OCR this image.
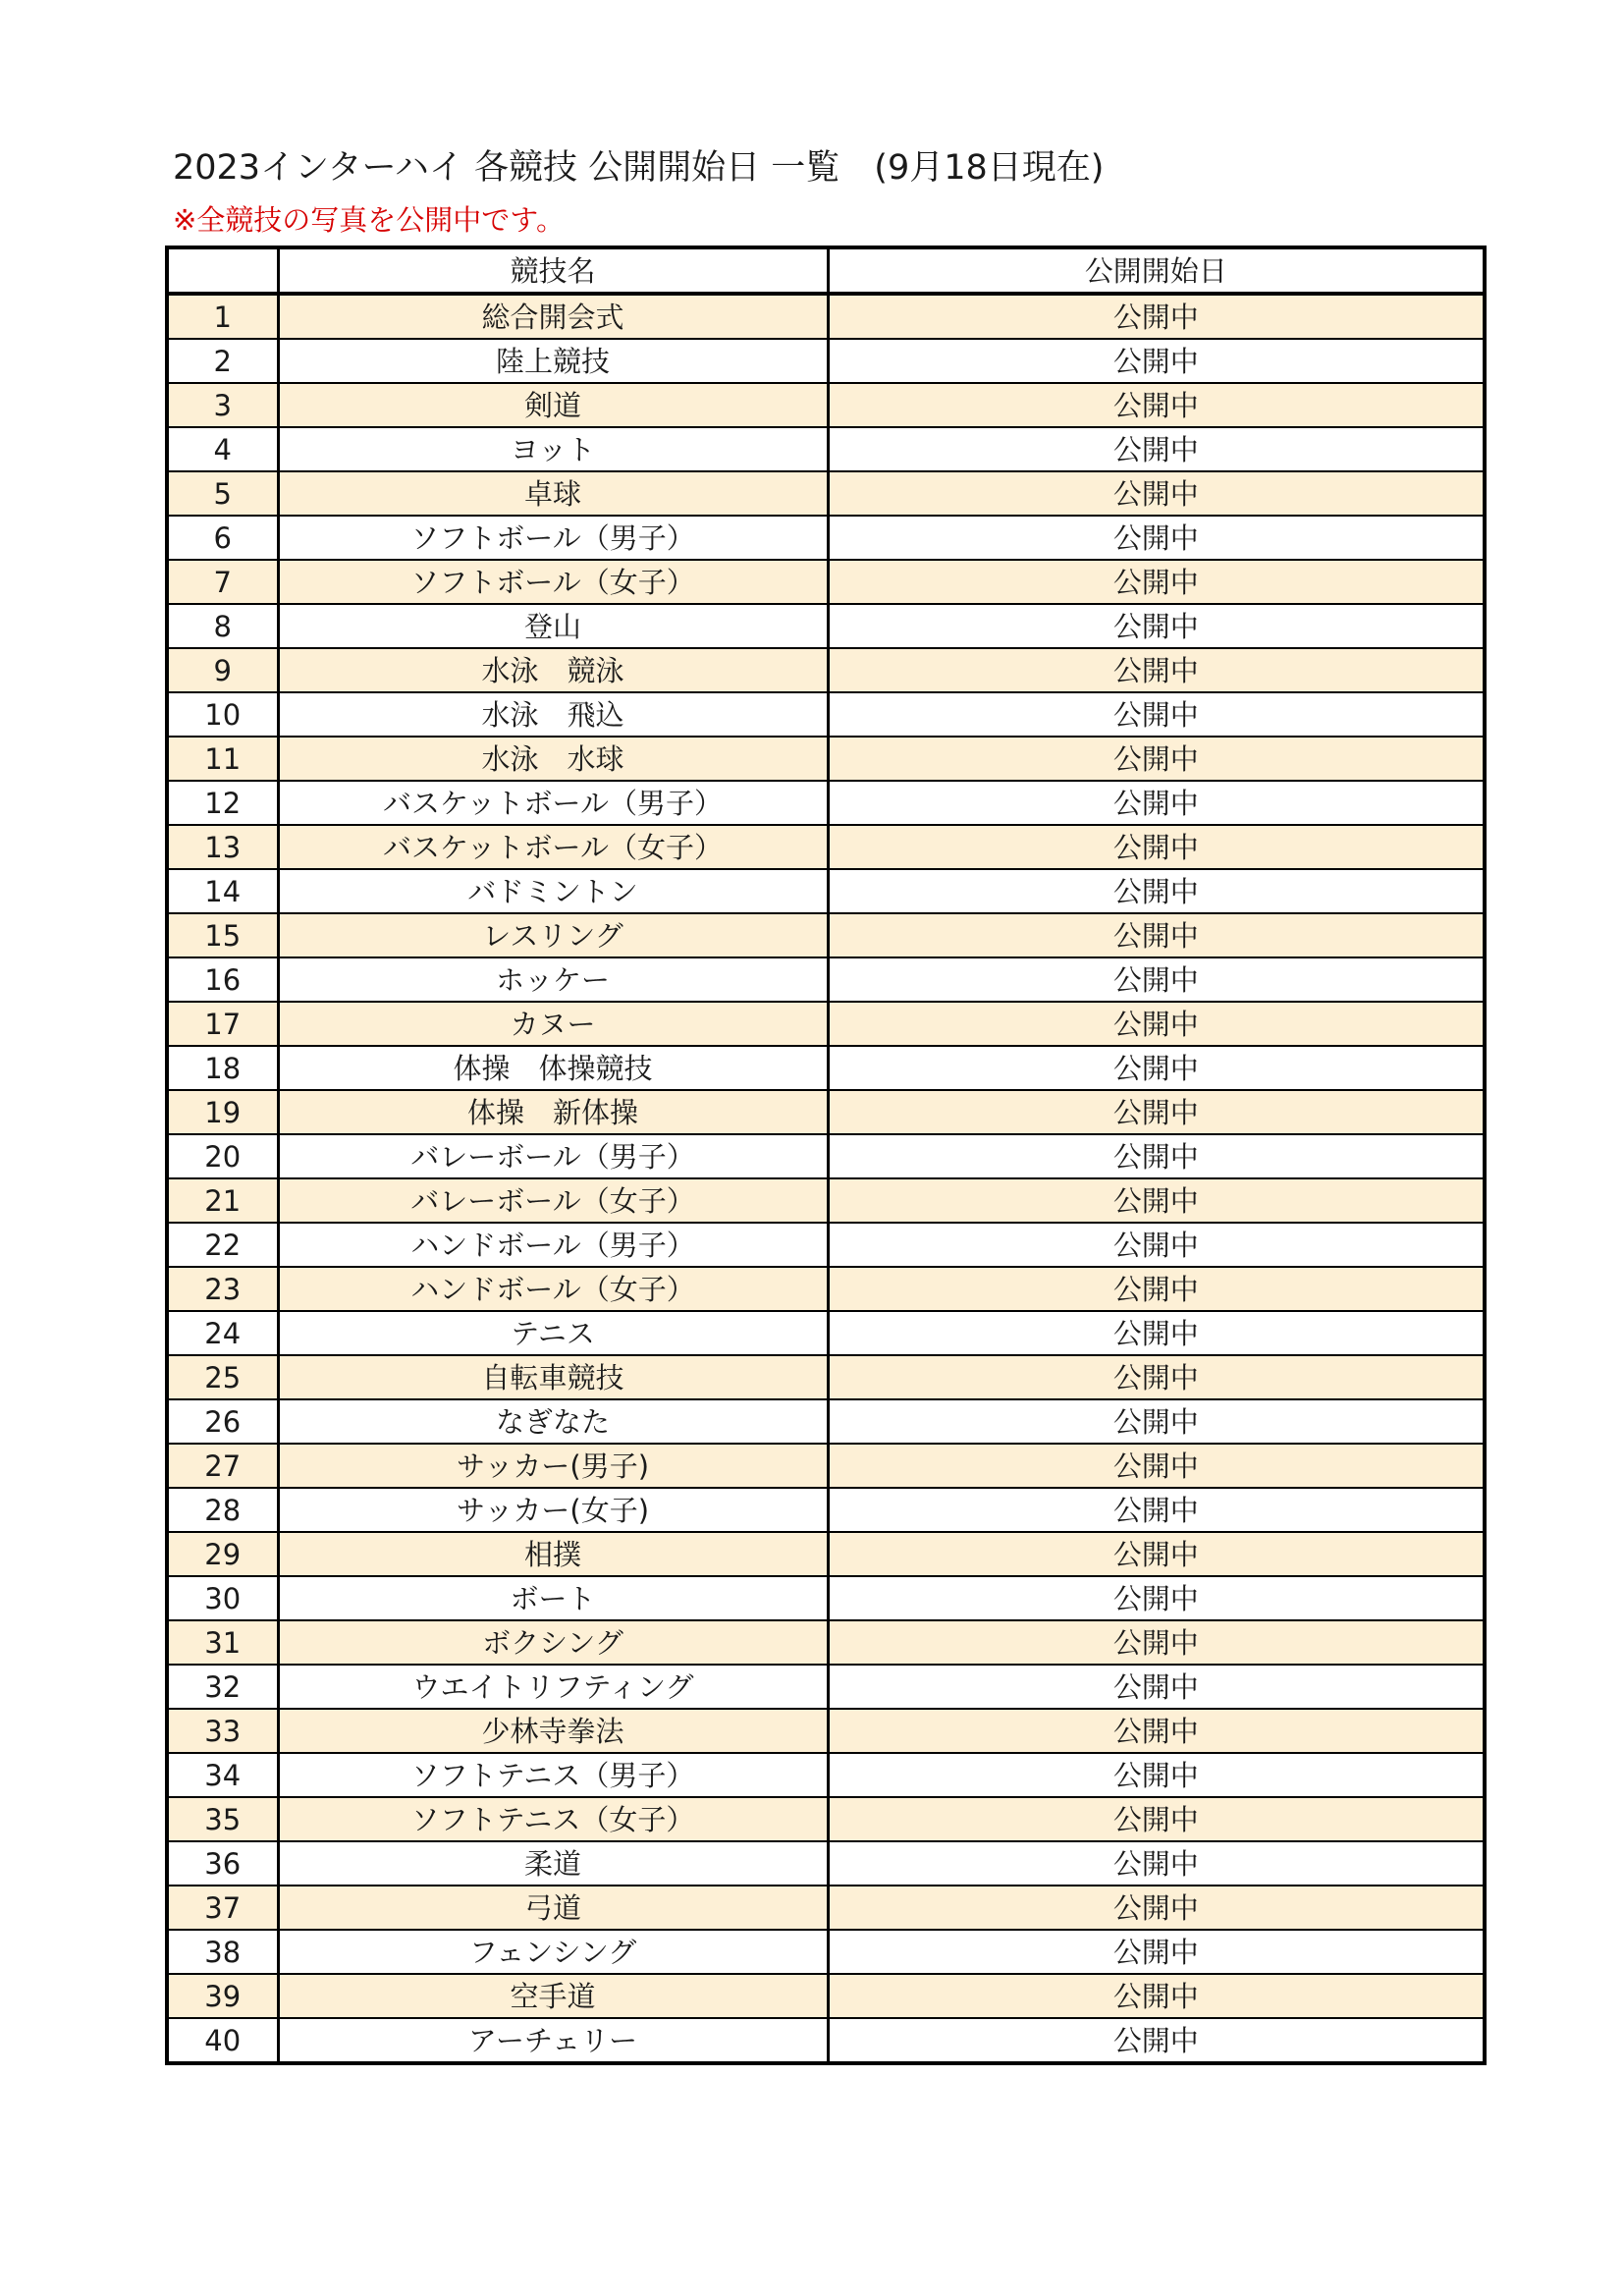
2023インターハイ 各競技 公開開始日 一覧　(9月18日現在)
※全競技の写真を公開中です。
	競技名	公開開始日
1	総合開会式	公開中
2	陸上競技	公開中
3	剣道	公開中
4	ヨット	公開中
5	卓球	公開中
6	ソフトボール（男子）	公開中
7	ソフトボール（女子）	公開中
8	登山	公開中
9	水泳　競泳	公開中
10	水泳　飛込	公開中
11	水泳　水球	公開中
12	バスケットボール（男子）	公開中
13	バスケットボール（女子）	公開中
14	バドミントン	公開中
15	レスリング	公開中
16	ホッケー	公開中
17	カヌー	公開中
18	体操　体操競技	公開中
19	体操　新体操	公開中
20	バレーボール（男子）	公開中
21	バレーボール（女子）	公開中
22	ハンドボール（男子）	公開中
23	ハンドボール（女子）	公開中
24	テニス	公開中
25	自転車競技	公開中
26	なぎなた	公開中
27	サッカー(男子)	公開中
28	サッカー(女子)	公開中
29	相撲	公開中
30	ボート	公開中
31	ボクシング	公開中
32	ウエイトリフティング	公開中
33	少林寺拳法	公開中
34	ソフトテニス（男子）	公開中
35	ソフトテニス（女子）	公開中
36	柔道	公開中
37	弓道	公開中
38	フェンシング	公開中
39	空手道	公開中
40	アーチェリー	公開中
